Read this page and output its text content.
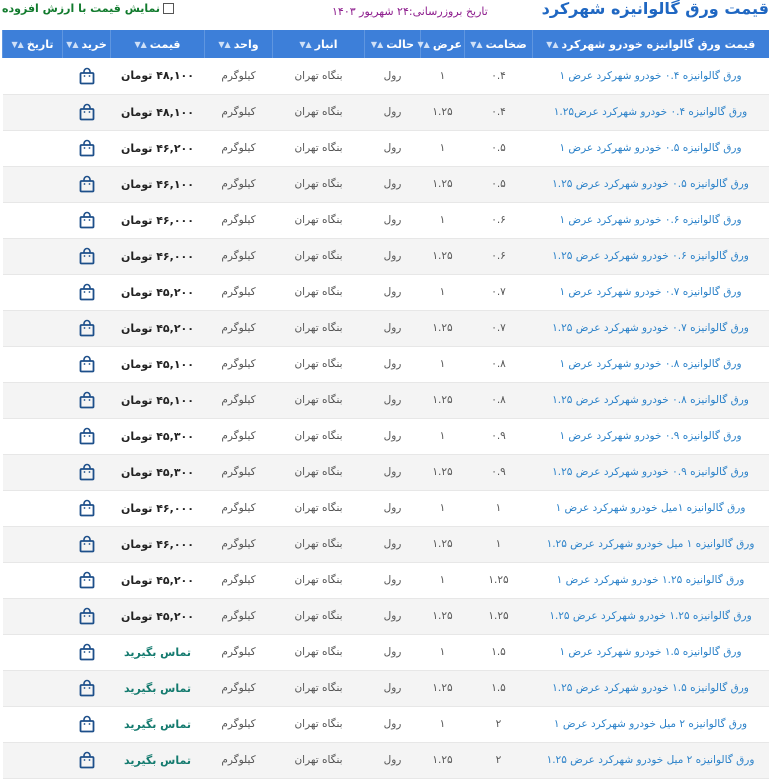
قیمت ورق گالوانیزه شهرکرد
تاریخ بروزرسانی:۲۴ شهریور ۱۴۰۳
نمایش قیمت با ارزش افزوده
قیمت ورق گالوانیزه خودرو شهرکرد▲▼	ضخامت▲▼	عرض▲▼	حالت▲▼	انبار▲▼	واحد▲▼	قیمت▲▼	خرید▲▼	تاریخ▲▼
ورق گالوانیزه ۰.۴ خودرو شهرکرد عرض ۱	۰.۴	۱	رول	بنگاه تهران	کیلوگرم	۴۸,۱۰۰ تومان	

ورق گالوانیزه ۰.۴ خودرو شهرکرد عرض۱.۲۵	۰.۴	۱.۲۵	رول	بنگاه تهران	کیلوگرم	۴۸,۱۰۰ تومان	

ورق گالوانیزه ۰.۵ خودرو شهرکرد عرض ۱	۰.۵	۱	رول	بنگاه تهران	کیلوگرم	۴۶,۲۰۰ تومان	

ورق گالوانیزه ۰.۵ خودرو شهرکرد عرض ۱.۲۵	۰.۵	۱.۲۵	رول	بنگاه تهران	کیلوگرم	۴۶,۱۰۰ تومان	

ورق گالوانیزه ۰.۶ خودرو شهرکرد عرض ۱	۰.۶	۱	رول	بنگاه تهران	کیلوگرم	۴۶,۰۰۰ تومان	

ورق گالوانیزه ۰.۶ خودرو شهرکرد عرض ۱.۲۵	۰.۶	۱.۲۵	رول	بنگاه تهران	کیلوگرم	۴۶,۰۰۰ تومان	

ورق گالوانیزه ۰.۷ خودرو شهرکرد عرض ۱	۰.۷	۱	رول	بنگاه تهران	کیلوگرم	۴۵,۲۰۰ تومان	

ورق گالوانیزه ۰.۷ خودرو شهرکرد عرض ۱.۲۵	۰.۷	۱.۲۵	رول	بنگاه تهران	کیلوگرم	۴۵,۲۰۰ تومان	

ورق گالوانیزه ۰.۸ خودرو شهرکرد عرض ۱	۰.۸	۱	رول	بنگاه تهران	کیلوگرم	۴۵,۱۰۰ تومان	

ورق گالوانیزه ۰.۸ خودرو شهرکرد عرض ۱.۲۵	۰.۸	۱.۲۵	رول	بنگاه تهران	کیلوگرم	۴۵,۱۰۰ تومان	

ورق گالوانیزه ۰.۹ خودرو شهرکرد عرض ۱	۰.۹	۱	رول	بنگاه تهران	کیلوگرم	۴۵,۳۰۰ تومان	

ورق گالوانیزه ۰.۹ خودرو شهرکرد عرض ۱.۲۵	۰.۹	۱.۲۵	رول	بنگاه تهران	کیلوگرم	۴۵,۳۰۰ تومان	

ورق گالوانیزه ۱میل خودرو شهرکرد عرض ۱	۱	۱	رول	بنگاه تهران	کیلوگرم	۴۶,۰۰۰ تومان	

ورق گالوانیزه ۱ میل خودرو شهرکرد عرض ۱.۲۵	۱	۱.۲۵	رول	بنگاه تهران	کیلوگرم	۴۶,۰۰۰ تومان	

ورق گالوانیزه ۱.۲۵ خودرو شهرکرد عرض ۱	۱.۲۵	۱	رول	بنگاه تهران	کیلوگرم	۴۵,۲۰۰ تومان	

ورق گالوانیزه ۱.۲۵ خودرو شهرکرد عرض ۱.۲۵	۱.۲۵	۱.۲۵	رول	بنگاه تهران	کیلوگرم	۴۵,۲۰۰ تومان	

ورق گالوانیزه ۱.۵ خودرو شهرکرد عرض ۱	۱.۵	۱	رول	بنگاه تهران	کیلوگرم	تماس بگیرید	

ورق گالوانیزه ۱.۵ خودرو شهرکرد عرض ۱.۲۵	۱.۵	۱.۲۵	رول	بنگاه تهران	کیلوگرم	تماس بگیرید	

ورق گالوانیزه ۲ میل خودرو شهرکرد عرض ۱	۲	۱	رول	بنگاه تهران	کیلوگرم	تماس بگیرید	

ورق گالوانیزه ۲ میل خودرو شهرکرد عرض ۱.۲۵	۲	۱.۲۵	رول	بنگاه تهران	کیلوگرم	تماس بگیرید	
